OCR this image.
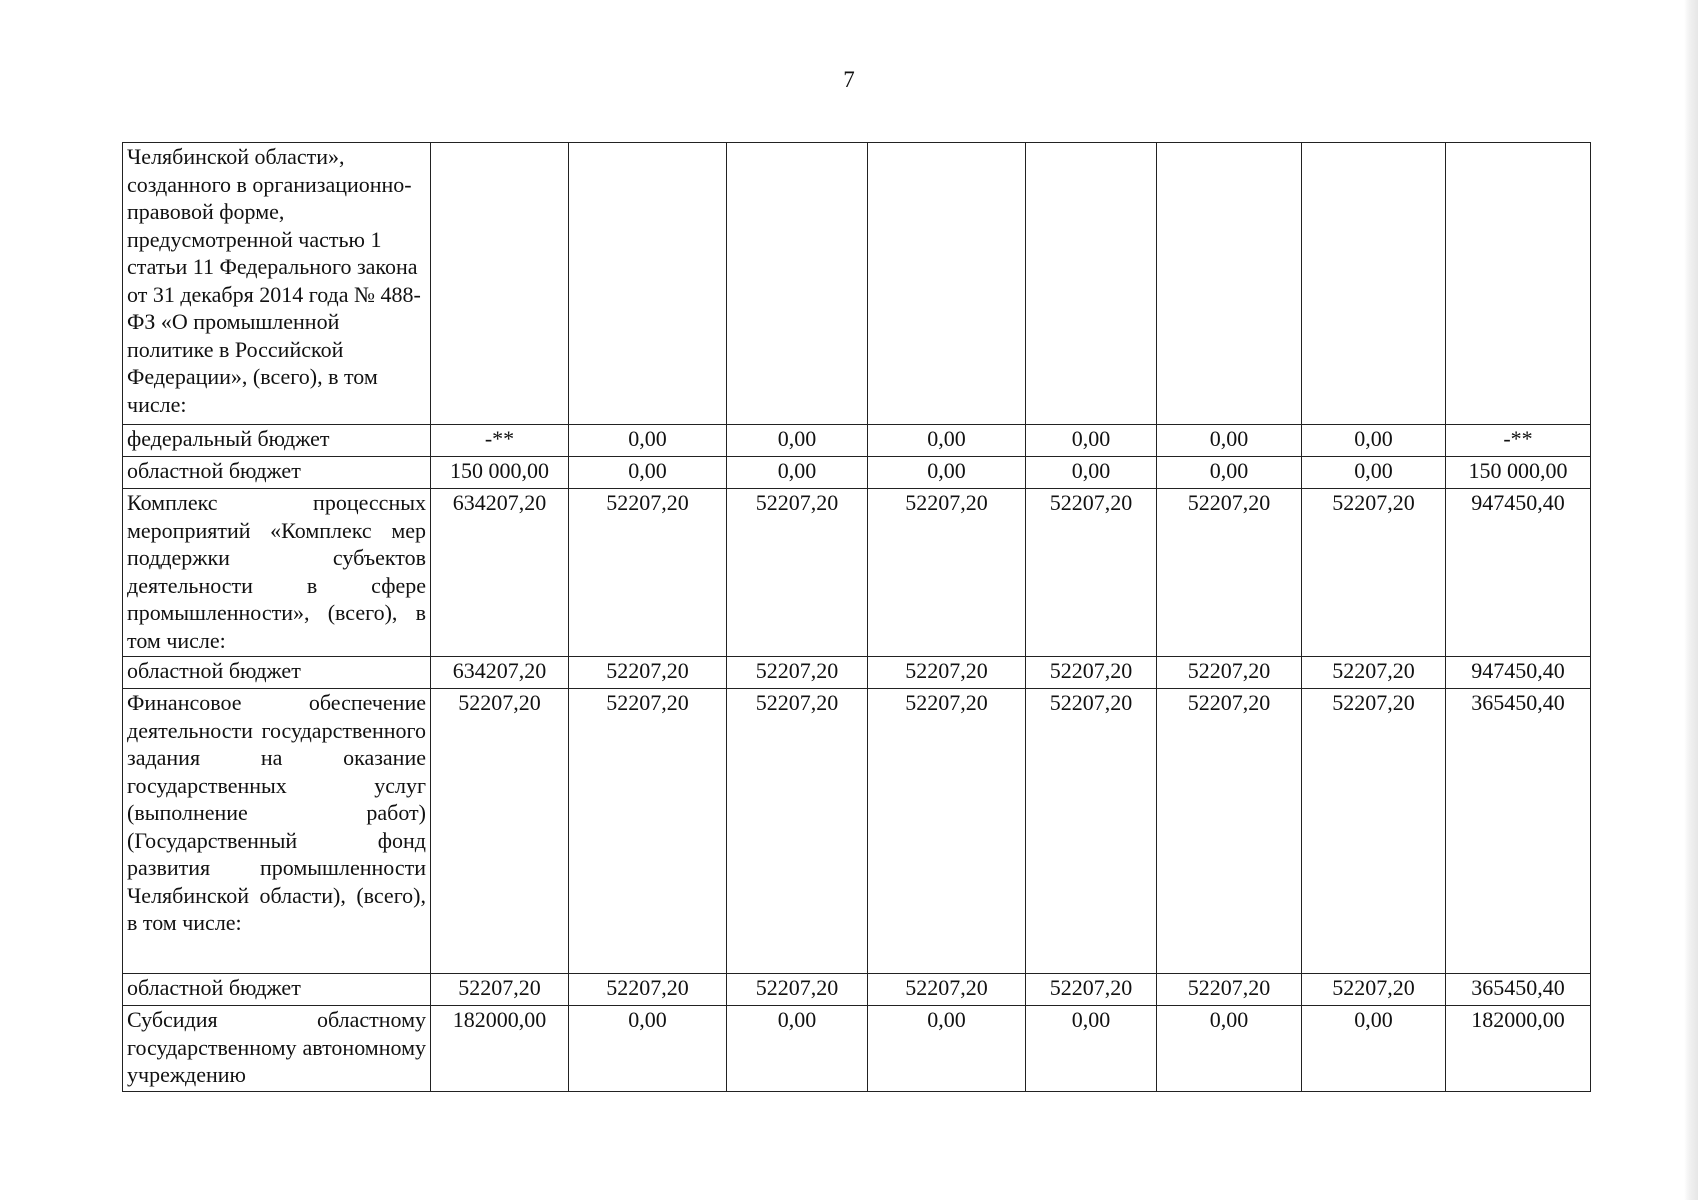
7
Челябинской области», созданного в организационно-правовой форме, предусмотренной частью 1 статьи 11 Федерального закона от 31 декабря 2014 года № 488-ФЗ «О промышленной политике в Российской Федерации», (всего), в том числе:								
федеральный бюджет	-**	0,00	0,00	0,00	0,00	0,00	0,00	-**
областной бюджет	150 000,00	0,00	0,00	0,00	0,00	0,00	0,00	150 000,00
Комплекс процессных мероприятий «Комплекс мер поддержки субъектов деятельности в сфере промышленности», (всего), в том числе:	634207,20	52207,20	52207,20	52207,20	52207,20	52207,20	52207,20	947450,40
областной бюджет	634207,20	52207,20	52207,20	52207,20	52207,20	52207,20	52207,20	947450,40
Финансовое обеспечение деятельности государственного задания на оказание государственных услуг (выполнение работ) (Государственный фонд развития промышленности Челябинской области), (всего), в том числе:	52207,20	52207,20	52207,20	52207,20	52207,20	52207,20	52207,20	365450,40
областной бюджет	52207,20	52207,20	52207,20	52207,20	52207,20	52207,20	52207,20	365450,40
Субсидия областному государственному автономному учреждению	182000,00	0,00	0,00	0,00	0,00	0,00	0,00	182000,00
